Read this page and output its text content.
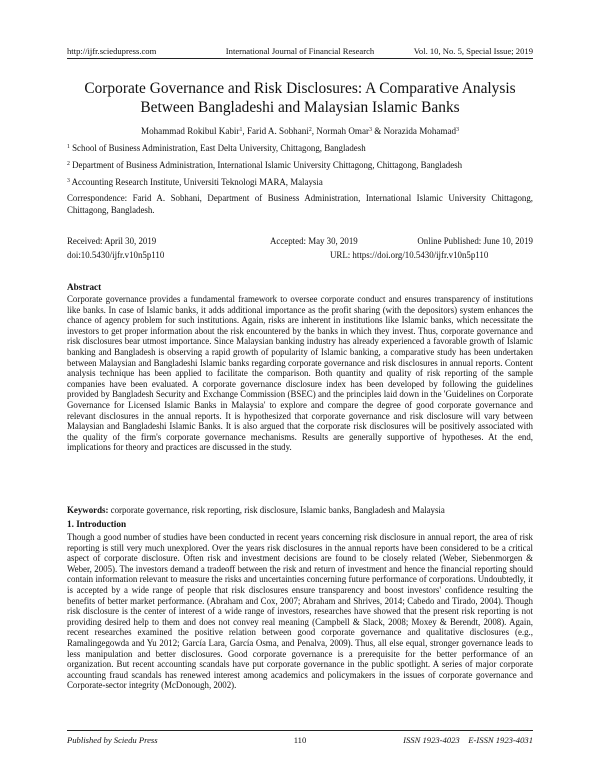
http://ijfr.sciedupress.com	International Journal of Financial Research	Vol. 10, No. 5, Special Issue; 2019
Corporate Governance and Risk Disclosures: A Comparative Analysis Between Bangladeshi and Malaysian Islamic Banks
Mohammad Rokibul Kabir$^1$, Farid A. Sobhani$^2$, Normah Omar$^3$ & Norazida Mohamad$^3$
$^1$ School of Business Administration, East Delta University, Chittagong, Bangladesh
$^2$ Department of Business Administration, International Islamic University Chittagong, Chittagong, Bangladesh
$^3$ Accounting Research Institute, Universiti Teknologi MARA, Malaysia
Correspondence: Farid A. Sobhani, Department of Business Administration, International Islamic University Chittagong, Chittagong, Bangladesh.
Received: April 30, 2019	Accepted: May 30, 2019	Online Published: June 10, 2019
doi:10.5430/ijfr.v10n5p110	URL: https://doi.org/10.5430/ijfr.v10n5p110
Abstract
Corporate governance provides a fundamental framework to oversee corporate conduct and ensures transparency of institutions like banks. In case of Islamic banks, it adds additional importance as the profit sharing (with the depositors) system enhances the chance of agency problem for such institutions. Again, risks are inherent in institutions like Islamic banks, which necessitate the investors to get proper information about the risk encountered by the banks in which they invest. Thus, corporate governance and risk disclosures bear utmost importance. Since Malaysian banking industry has already experienced a favorable growth of Islamic banking and Bangladesh is observing a rapid growth of popularity of Islamic banking, a comparative study has been undertaken between Malaysian and Bangladeshi Islamic banks regarding corporate governance and risk disclosures in annual reports. Content analysis technique has been applied to facilitate the comparison. Both quantity and quality of risk reporting of the sample companies have been evaluated. A corporate governance disclosure index has been developed by following the guidelines provided by Bangladesh Security and Exchange Commission (BSEC) and the principles laid down in the 'Guidelines on Corporate Governance for Licensed Islamic Banks in Malaysia' to explore and compare the degree of good corporate governance and relevant disclosures in the annual reports. It is hypothesized that corporate governance and risk disclosure will vary between Malaysian and Bangladeshi Islamic Banks. It is also argued that the corporate risk disclosures will be positively associated with the quality of the firm's corporate governance mechanisms. Results are generally supportive of hypotheses. At the end, implications for theory and practices are discussed in the study.
Keywords: corporate governance, risk reporting, risk disclosure, Islamic banks, Bangladesh and Malaysia
1. Introduction
Though a good number of studies have been conducted in recent years concerning risk disclosure in annual report, the area of risk reporting is still very much unexplored. Over the years risk disclosures in the annual reports have been considered to be a critical aspect of corporate disclosure. Often risk and investment decisions are found to be closely related (Weber, Siebenmorgen & Weber, 2005). The investors demand a tradeoff between the risk and return of investment and hence the financial reporting should contain information relevant to measure the risks and uncertainties concerning future performance of corporations. Undoubtedly, it is accepted by a wide range of people that risk disclosures ensure transparency and boost investors' confidence resulting the benefits of better market performance. (Abraham and Cox, 2007; Abraham and Shrives, 2014; Cabedo and Tirado, 2004). Though risk disclosure is the center of interest of a wide range of investors, researches have showed that the present risk reporting is not providing desired help to them and does not convey real meaning (Campbell & Slack, 2008; Moxey & Berendt, 2008). Again, recent researches examined the positive relation between good corporate governance and qualitative disclosures (e.g., Ramalingegowda and Yu 2012; García Lara, García Osma, and Penalva, 2009). Thus, all else equal, stronger governance leads to less manipulation and better disclosures. Good corporate governance is a prerequisite for the better performance of an organization. But recent accounting scandals have put corporate governance in the public spotlight. A series of major corporate accounting fraud scandals has renewed interest among academics and policymakers in the issues of corporate governance and Corporate-sector integrity (McDonough, 2002).
Published by Sciedu Press	110	ISSN 1923-4023    E-ISSN 1923-4031
